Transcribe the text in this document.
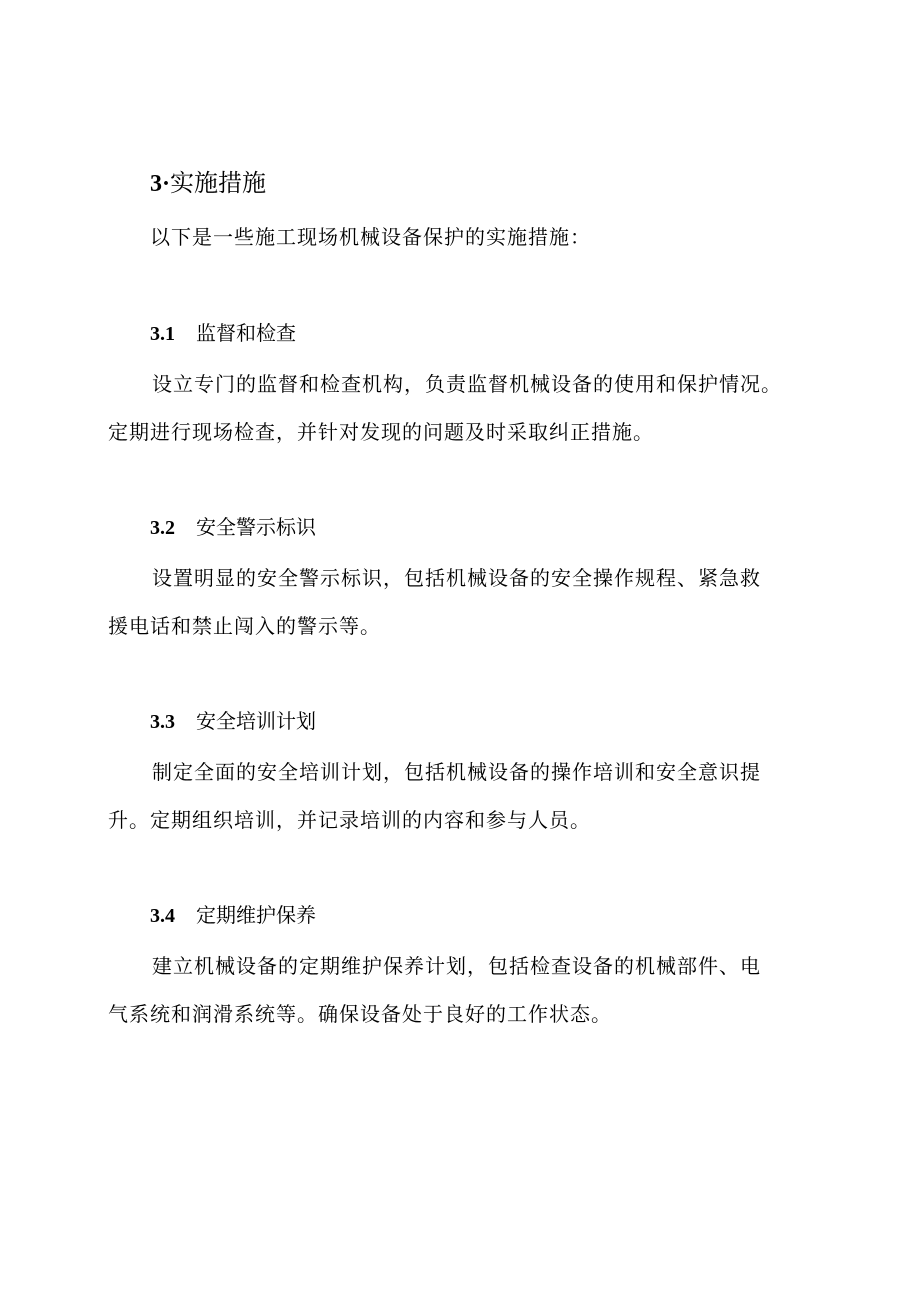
3·实施措施
以下是一些施工现场机械设备保护的实施措施：
3.1 监督和检查
设立专门的监督和检查机构，负责监督机械设备的使用和保护情况。
定期进行现场检查，并针对发现的问题及时采取纠正措施。
3.2 安全警示标识
设置明显的安全警示标识，包括机械设备的安全操作规程、紧急救
援电话和禁止闯入的警示等。
3.3 安全培训计划
制定全面的安全培训计划，包括机械设备的操作培训和安全意识提
升。定期组织培训，并记录培训的内容和参与人员。
3.4 定期维护保养
建立机械设备的定期维护保养计划，包括检查设备的机械部件、电
气系统和润滑系统等。确保设备处于良好的工作状态。
